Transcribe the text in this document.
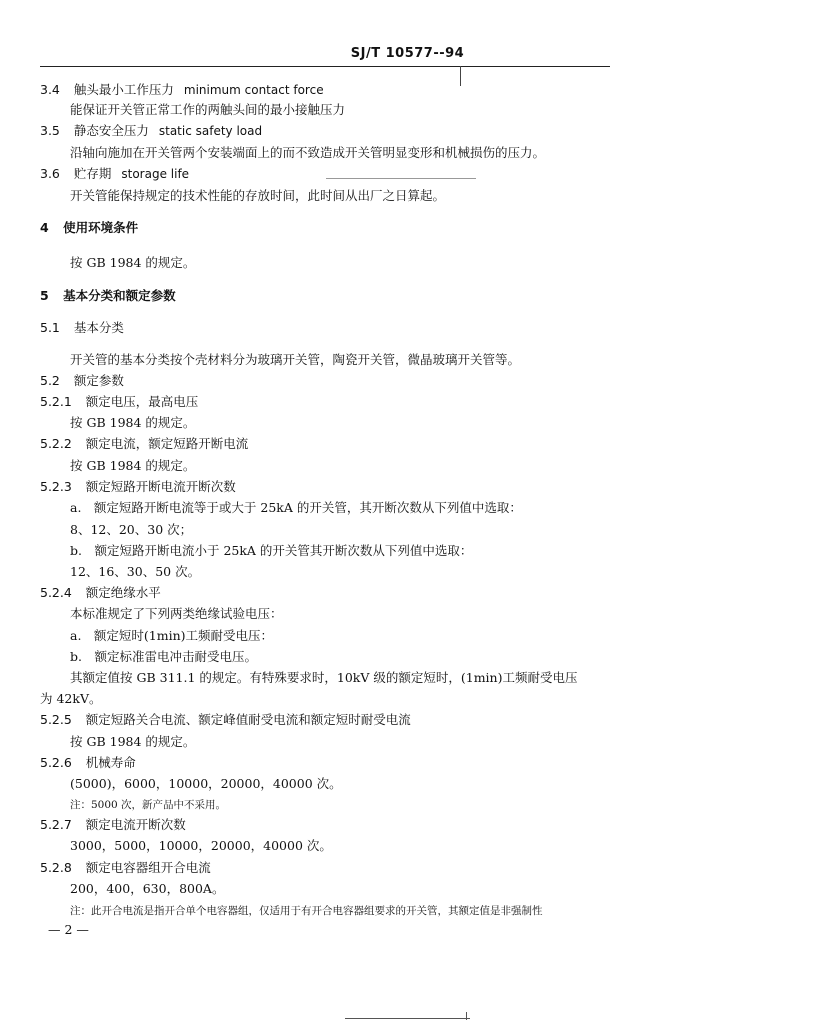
SJ/T 10577--94
3.4 触头最小工作压力 minimum contact force
能保证开关管正常工作的两触头间的最小接触压力
3.5 静态安全压力 static safety load
沿轴向施加在开关管两个安装端面上的而不致造成开关管明显变形和机械损伤的压力。
3.6 贮存期 storage life
开关管能保持规定的技术性能的存放时间，此时间从出厂之日算起。
4 使用环境条件
按 GB 1984 的规定。
5 基本分类和额定参数
5.1 基本分类
开关管的基本分类按个壳材料分为玻璃开关管，陶瓷开关管，微晶玻璃开关管等。
5.2 额定参数
5.2.1 额定电压，最高电压
按 GB 1984 的规定。
5.2.2 额定电流，额定短路开断电流
按 GB 1984 的规定。
5.2.3 额定短路开断电流开断次数
a.　额定短路开断电流等于或大于 25kA 的开关管，其开断次数从下列值中选取：
8、12、20、30 次；
b.　额定短路开断电流小于 25kA 的开关管其开断次数从下列值中选取：
12、16、30、50 次。
5.2.4 额定绝缘水平
本标准规定了下列两类绝缘试验电压：
a.　额定短时(1min)工频耐受电压：
b.　额定标准雷电冲击耐受电压。
其额定值按 GB 311.1 的规定。有特殊要求时，10kV 级的额定短时，(1min)工频耐受电压
为 42kV。
5.2.5 额定短路关合电流、额定峰值耐受电流和额定短时耐受电流
按 GB 1984 的规定。
5.2.6 机械寿命
(5000)，6000，10000，20000，40000 次。
注：5000 次，新产品中不采用。
5.2.7 额定电流开断次数
3000，5000，10000，20000，40000 次。
5.2.8 额定电容器组开合电流
200，400，630，800A。
注：此开合电流是指开合单个电容器组，仅适用于有开合电容器组要求的开关管，其额定值是非强制性
— 2 —
